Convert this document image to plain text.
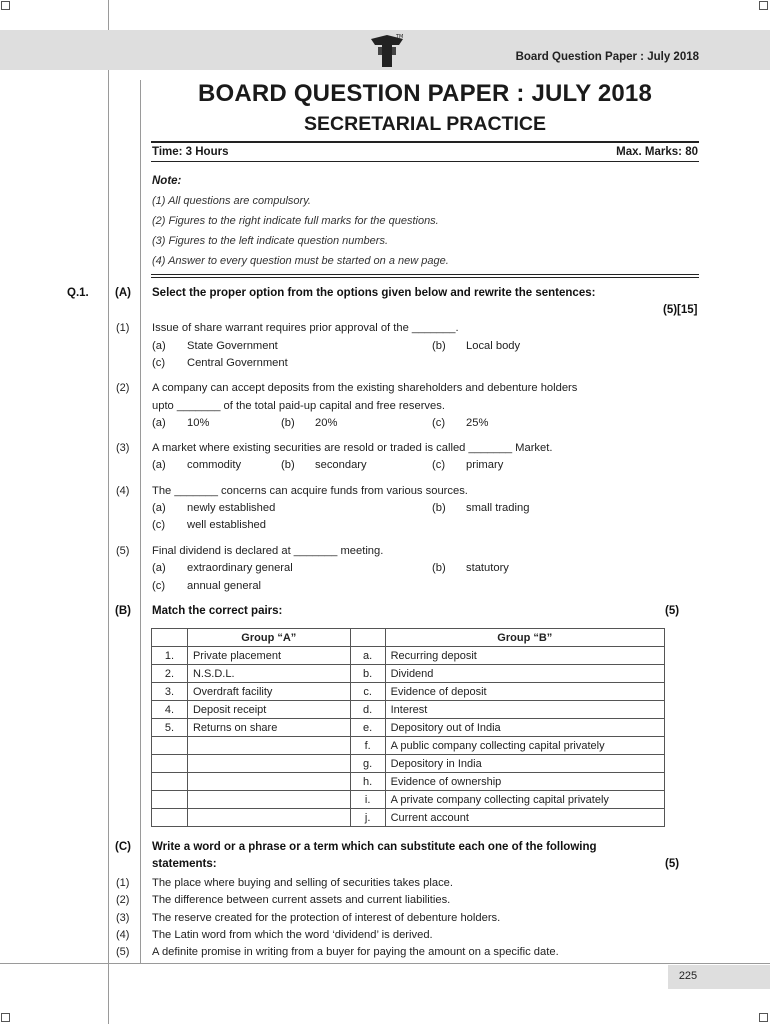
TM
Board Question Paper : July 2018
BOARD QUESTION PAPER : JULY 2018
SECRETARIAL PRACTICE
Time: 3 Hours	Max. Marks: 80
Note:
(1) All questions are compulsory.
(2) Figures to the right indicate full marks for the questions.
(3) Figures to the left indicate question numbers.
(4) Answer to every question must be started on a new page.
Q.1. (A) Select the proper option from the options given below and rewrite the sentences:
(5)[15]
(1) Issue of share warrant requires prior approval of the _______.
(a) State Government	(b) Local body
(c) Central Government
(2) A company can accept deposits from the existing shareholders and debenture holders
upto _______ of the total paid-up capital and free reserves.
(a) 10%	(b) 20%	(c) 25%
(3) A market where existing securities are resold or traded is called _______ Market.
(a) commodity	(b) secondary	(c) primary
(4) The _______ concerns can acquire funds from various sources.
(a) newly established	(b) small trading
(c) well established
(5) Final dividend is declared at _______ meeting.
(a) extraordinary general	(b) statutory
(c) annual general
(B) Match the correct pairs:	(5)
	Group “A”		Group “B”
1.	Private placement	a.	Recurring deposit
2.	N.S.D.L.	b.	Dividend
3.	Overdraft facility	c.	Evidence of deposit
4.	Deposit receipt	d.	Interest
5.	Returns on share	e.	Depository out of India
		f.	A public company collecting capital privately
		g.	Depository in India
		h.	Evidence of ownership
		i.	A private company collecting capital privately
		j.	Current account
(C) Write a word or a phrase or a term which can substitute each one of the following
statements:	(5)
(1) The place where buying and selling of securities takes place.
(2) The difference between current assets and current liabilities.
(3) The reserve created for the protection of interest of debenture holders.
(4) The Latin word from which the word ‘dividend’ is derived.
(5) A definite promise in writing from a buyer for paying the amount on a specific date.
225
